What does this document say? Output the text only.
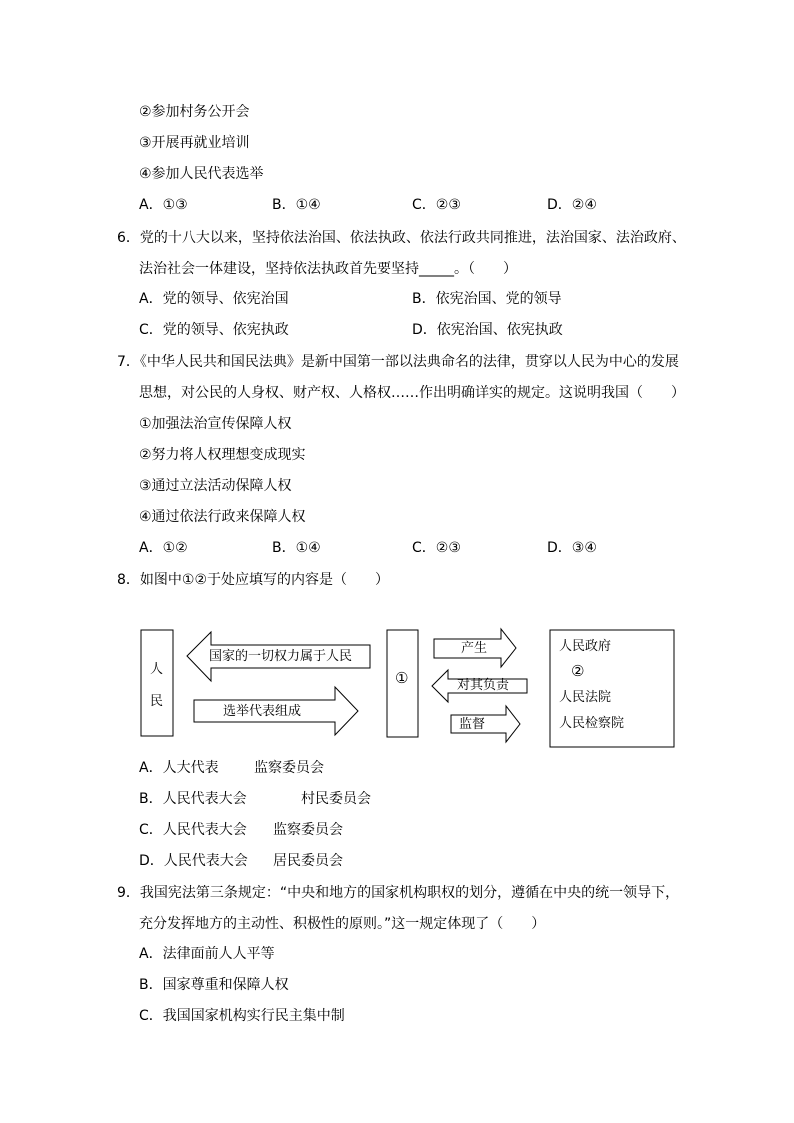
②参加村务公开会
③开展再就业培训
④参加人民代表选举
A．①③	B．①④	C．②③	D．②④
6．党的十八大以来，坚持依法治国、依法执政、依法行政共同推进，法治国家、法治政府、
法治社会一体建设，坚持依法执政首先要坚持_____。（　　）
A．党的领导、依宪治国	B．依宪治国、党的领导
C．党的领导、依宪执政	D．依宪治国、依宪执政
7．《中华人民共和国民法典》是新中国第一部以法典命名的法律，贯穿以人民为中心的发展
思想，对公民的人身权、财产权、人格权……作出明确详实的规定。这说明我国（　　）
①加强法治宣传保障人权
②努力将人权理想变成现实
③通过立法活动保障人权
④通过依法行政来保障人权
A．①②	B．①④	C．②③	D．③④
8．如图中①②于处应填写的内容是（　　）
人
民
国家的一切权力属于人民
选举代表组成
①
产生
对其负责
监督
人民政府
②
人民法院
人民检察院
A．人大代表	监察委员会
B．人民代表大会	村民委员会
C．人民代表大会 监察委员会
D．人民代表大会 居民委员会
9．我国宪法第三条规定：“中央和地方的国家机构职权的划分，遵循在中央的统一领导下，
充分发挥地方的主动性、积极性的原则。”这一规定体现了（　　）
A．法律面前人人平等
B．国家尊重和保障人权
C．我国国家机构实行民主集中制
